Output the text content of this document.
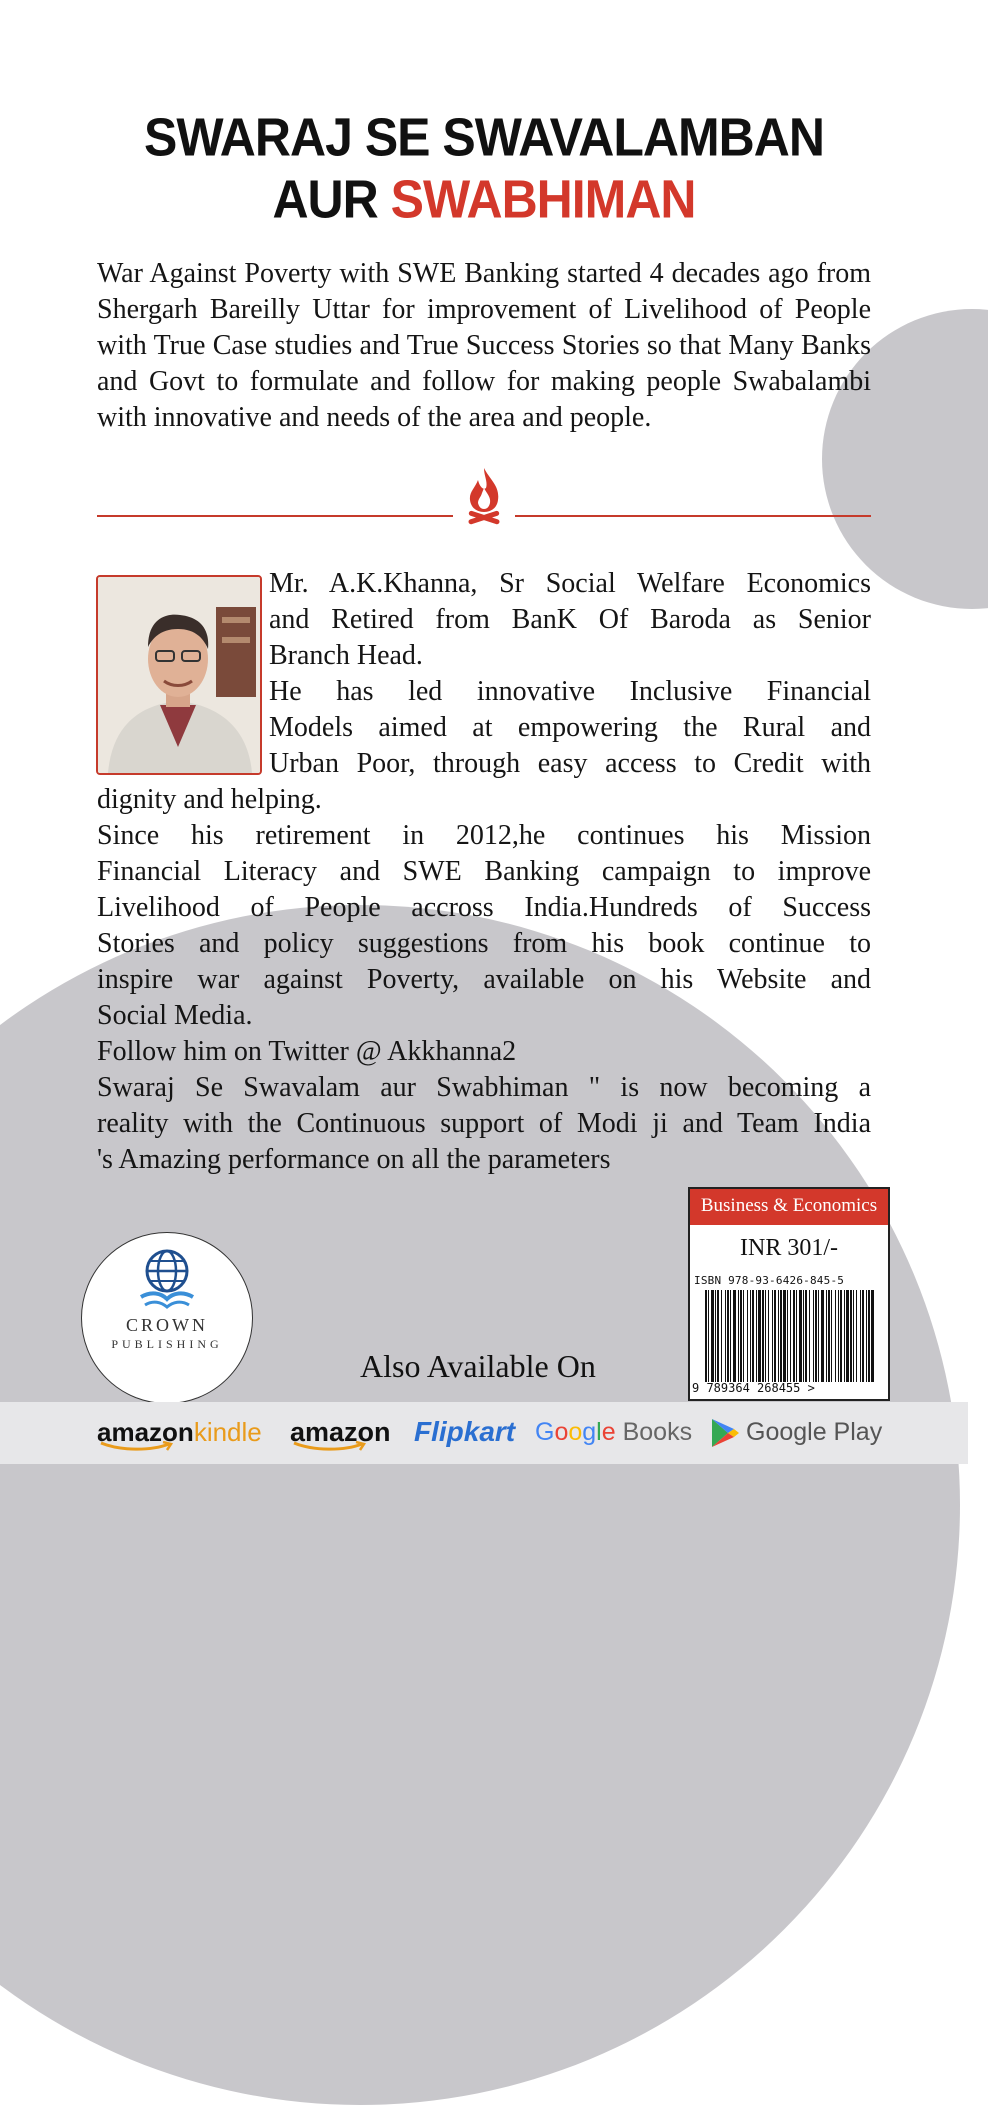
SWARAJ SE SWAVALAMBAN
AUR SWABHIMAN
War Against Poverty with SWE Banking started 4 decades ago from Shergarh Bareilly Uttar for improvement of Livelihood of People with True Case studies and True Success Stories so that Many Banks and Govt to formulate and follow for making people Swabalambi with innovative and needs of the area and people.
Mr. A.K.Khanna, Sr Social Welfare Economics
and Retired from BanK Of Baroda as Senior
Branch Head.
He has led innovative Inclusive Financial
Models aimed at empowering the Rural and
Urban Poor, through easy access to Credit with
dignity and helping.
Since his retirement in 2012,he continues his Mission
Financial Literacy and SWE Banking campaign to improve
Livelihood of People accross India.Hundreds of Success
Stories and policy suggestions from his book continue to
inspire war against Poverty, available on his Website and
Social Media.
Follow him on Twitter @ Akkhanna2
Swaraj Se Swavalam aur Swabhiman " is now becoming a
reality with the Continuous support of Modi ji and Team India
's Amazing performance on all the parameters
CROWN
PUBLISHING
Also Available On
Business & Economics
INR 301/-
ISBN 978-93-6426-845-5
9 789364 268455 >
amazonkindle amazon Flipkart Google Books	Google Play
